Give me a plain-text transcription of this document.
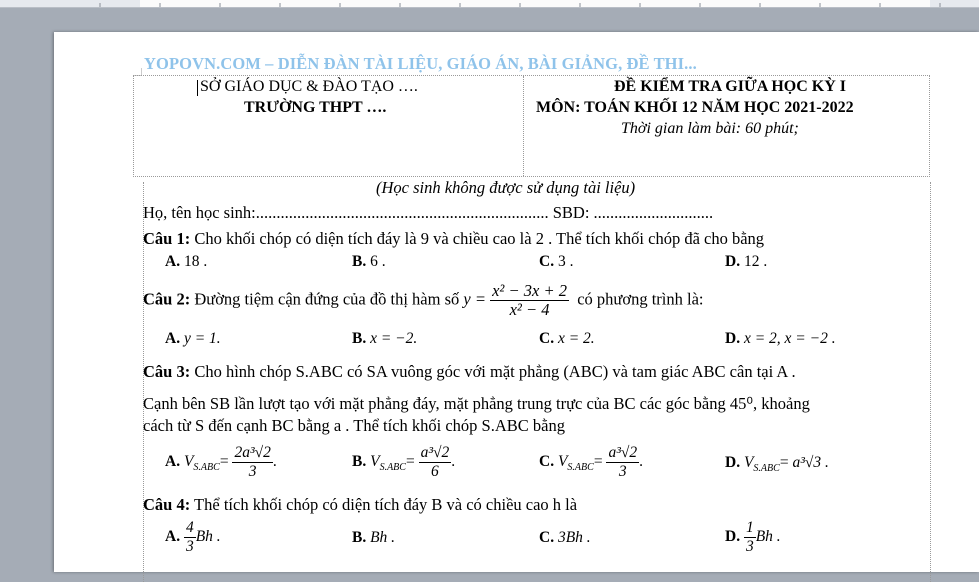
YOPOVN.COM – DIỄN ĐÀN TÀI LIỆU, GIÁO ÁN, BÀI GIẢNG, ĐỀ THI...
SỞ GIÁO DỤC & ĐÀO TẠO ….
TRƯỜNG THPT ….
ĐỀ KIỂM TRA GIỮA HỌC KỲ I
MÔN: TOÁN KHỐI 12 NĂM HỌC 2021-2022
Thời gian làm bài: 60 phút;
(Học sinh không được sử dụng tài liệu)
Họ, tên học sinh:....................................................................... SBD: .............................
Câu 1: Cho khối chóp có diện tích đáy là 9 và chiều cao là 2 . Thể tích khối chóp đã cho bằng
A. 18 .	B. 6 .	C. 3 .	D. 12 .
Câu 2: Đường tiệm cận đứng của đồ thị hàm số $y = \frac{\text{x² − 3x + 2}}{\text{x² − 4}}$ có phương trình là:
A. y = 1.	B. x = −2.	C. x = 2.	D. x = 2, x = −2 .
Câu 3: Cho hình chóp S.ABC có SA vuông góc với mặt phẳng (ABC) và tam giác ABC cân tại A .
Cạnh bên SB lần lượt tạo với mặt phẳng đáy, mặt phẳng trung trực của BC các góc bằng 45⁰, khoảng
cách từ S đến cạnh BC bằng a . Thể tích khối chóp S.ABC bằng
A. $V_{S.ABC}= \frac{\text{2a³√2}}{3}$ .	B. $V_{S.ABC}= \frac{\text{a³√2}}{6}$ .	C. $V_{S.ABC}= \frac{\text{a³√2}}{3}$ .	D. $V_{S.ABC}= a^3√3$ .
Câu 4: Thể tích khối chóp có diện tích đáy B và có chiều cao h là
A. $\frac{4}{3}$ Bh .	B. Bh .	C. 3Bh .	D. $\frac{1}{3}$ Bh .
